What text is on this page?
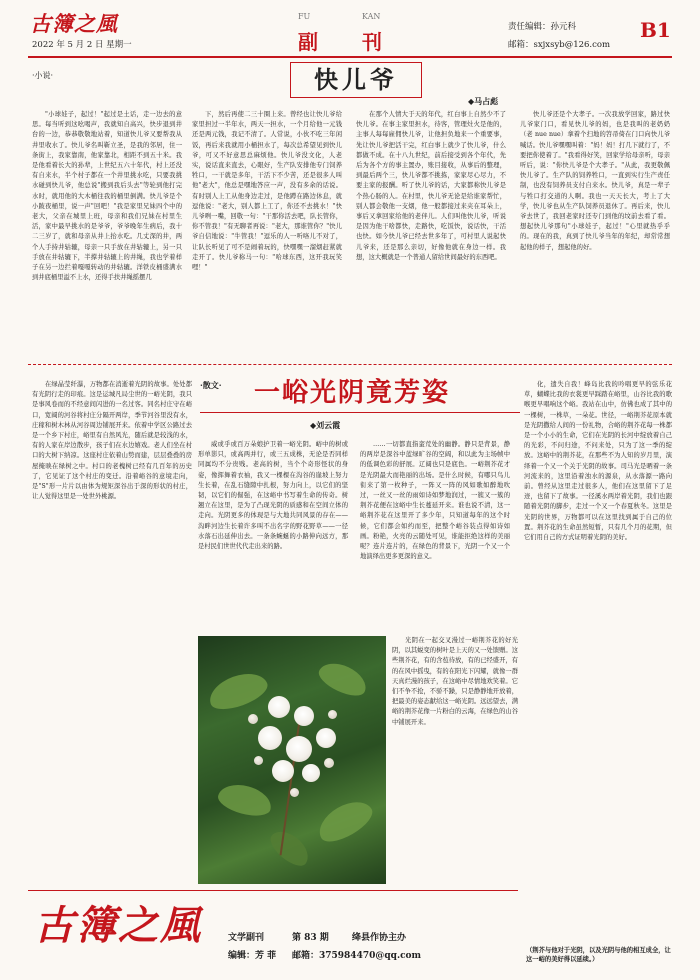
古簿之風
2022 年 5 月 2 日 星期一
FU	KAN
副 刊
责任编辑：孙元科
邮箱：sxjxsyb@126.com
B1
·小说·	快儿爷
◆马占彪
"小球娃子，起过！"起过是土话，走一边去的意思。每当听到这吆喝声，我就知自高兴，快步退到井台的一边，恭恭敬敬地站着，知道快儿爷又要帮我从井里收水了。快儿爷名叫靳立圣，是我的邻居，住一条街上，我家靠南，他家靠北，相距不到五十米。我是他看着长大的孙辈，上世纪五六十年代，村上还没有自来水，半个村子都在一个井里挑水吃，只要我挑水碰到快儿爷，他总说"搬到我后头去"等轮到他打完水时，就用他的大木桶往我的桶里倒满。快儿爷是个小跛夜桶里，说一声"回吧！"我是家里兄妹四个中的老大，父亲在城里上班，母亲和我们兄妹在村里生活，家中最早挑水的是爷爷，爷爷晚年生病后，我十二三岁了，就和母亲从井上抬水吃。几丈深的井，两个人手持井轱辘，母亲一只手放在井轱辘上，另一只手放在井轱辘下，半撑井轱辘上的井绳，我也学着样子在另一边拦着嘎嘎转动的井轱辘。洋铁皮桶盛满水到井底桶里溢不上水，还得手扶井绳摇摆几
下，然后再使二三十圈上来。曾经也让快儿爷给家里担过一半年水，两天一担水，一个月给他一元钱还是两元钱，我记不清了。人常说，小伙不吃三年闲饭，再后来我就用小桶担水了，每次总希望见到快儿爷，可又不好意思总麻烦他。快儿爷没文化，人老实，说话直来直去，心眼好，生产队安排他专门饲养牲口，一干就是多年，干活下不少苦，还是很多人叫他"老大"，他总是嘿地答应一声，没有多余的话说。有时别人上工从他身边走过，是他蹲在路边休息，就逗他说："老大，别人都上工了，你还不去挑水！"快儿爷咧一嘴，回敬一句："干那你活去吧，队长管你，你不管我！"有无聊者再说："老大，那谁管你？"快儿爷自信地说："牛管我！"逗乐的人一听咯儿不对了，让队长听见了可不是闹着玩的，快嘿嘿一溜烟赶紧就走开了。快儿爷称马一句："哈球东西，这开我玩笑哩！"
在那个人情大于天的年代，红白事上自然少不了快儿爷。在事主家里担水，待客，管理灶火是他的，主事人每每雇佣快儿爷，让他担负地来一个重要事，先让快儿爷把活干完，红白事上就少了快儿爷，什么都做不成。在十八九世纪，前后接受到各个年代，先后为各个方的事主置办，账目接收，从事后的整理，到最后两个三，快儿爷都不挑拣，家家尽心尽力，不要主家的报酬。听了快儿爷的话，大家都称快儿爷是个热心肠的人。在村里，快儿爷无论是给谁家帮忙，别人都会敬他一支烟，他一般都接过来夹在耳朵上，事后又拿回家给他的老伴儿。人们叫他快儿爷，听说是因为他干啥都快，走路快，吃饭快，说话快，干活也快。如今快儿爷已经去世多年了，可村里人说起快儿爷来，还是那么亲切，好像他就在身边一样。我想，这大概就是一个普通人留给世间最好的东西吧。
快儿爷还是个大孝子。一次我放学回家，路过快儿爷家门口，看见快儿爷的妈，也是我叫的老奶奶（老 nue nue）拿着个扫地的笤帚倚在门口向快儿爷喊话。快儿爷嘿嘿叫着："妈！妈！打几下就行了，不要把你使着了。"我看得好笑，回家学给母亲听，母亲听后，说："你快儿爷是个大孝子。"从此，我更敬佩快儿爷了。生产队的饲养牲口，一直到实行生产责任制，也没有饲养员支付自来水。快儿爷，真是一辈子与牲口打交道的人啊。我也一天天长大，考上了大学，快儿爷也从生产队饲养员退休了。再后来，快儿爷去世了，我回老家时还专门到他的坟前去看了看。想起快儿爷那句"小球娃子，起过！"心里就热乎乎的。现在的我，真到了快儿爷当年的年纪，却常常想起他的样子，想起他的好。
在绿晶莹纤瀑，万物都在消逝着光阴的故事。处处都有光阴行走的印痕。这是运城凡局尘世的一峪光阴，我只是事风卷而的不经意间闪进的一名过客。同名村庄守在峪口，宽阔的河谷将村庄分隔开两岸，季节河谷里没有水，庄稼和树木林从河谷周边铺展开来。依着中学区公路过去是一个乡下村庄，峪里有自然风光，随后就是较浅的水，有的人家在岸边散步，孩子们在水边嬉戏。老人们坐在村口的大树下纳凉。这座村庄依着山势而建，层层叠叠的房屋掩映在绿树之中。村口的老槐树已经有几百年的历史了，它见证了这个村庄的变迁。沿着峪谷的意境走向，是"S"形一片片以由体为规矩深谷出于深的形状的村庄，让人觉得这里是一处世外桃源。
·散文· 一峪光阴竟芳姿
◆刘云霞
威或乎或百万朵娘护卫着一峪光阴。峪中的树或形单影只，或高两并行，或三五成株，无论是否同样同属均不分贵贱。老高的树，当个个奇形怪状的身姿，像挥舞着衣袖，我又一棵棵在沟谷的崖坡上努力生长着，在乱石缝隙中扎根，努力向上，以它们的坚韧，以它们的倔强，在这峪中书写着生命的传奇。树翘立在这里，是为了凸现光阴的质感和在空间立体的走向。光阴更多的体现是与大地共同风景的存在——沟畔河边生长着许多叫不出名字的野花野草——一径水落石出延伸出去。一条条蜿蜒的小路伸向远方，那是村民们世世代代走出来的路。
……一切都直指蛮荒处的幽静。静只是背景，静的两岸是深谷中蓝绿旷谷的空阔，和以此为主场帧中的低调色彩的舒展。辽阔也只是底色。一峪荆芥花才是光阴最大而艳丽的出场。是什么时候，有哪只鸟儿衔来了第一枚种子，一阵又一阵的风如歌如醉地吹过，一丝又一丝的雨如诗如梦地润过，一簇又一簇的荆芥花便在这峪中生长蔓延开来。谁也说不清，这一峪荆芥花在这里开了多少年，只知道每年的这个时候，它们都会如约而至，把整个峪谷装点得如诗如画。粉艳，火亮的云随处可见，谁能拒绝这样的美丽呢？连片连片的，在绿色的背景下，光阴一个又一个地演绎出更多更深的意义。
化，遗失自我！峰岛比我的吟唱更早的弦乐花草，蝴蝶比我的衣裳更早踩踏在峪里，山谷比我的歌喉更早唱响这个峪。我站在山中，仿佛也成了其中的一棵树，一株草，一朵花。世径，一峪荆芥花原本就是光阴撒给人间的一份礼物，合峪的荆芥花每一株都是一个小小的生命，它们在光阴的长河中绽放着自己的光彩，不问归途，不问来处，只为了这一季的绽放。这峪中的荆芥花，在那些不为人知的岁月里，演绎着一个又一个关于光阴的故事。司马光是晒着一条河流来的，这里沿着浊水的源泉，从水落源一路向前。曾经从这里走过很多人，他们在这里留下了足迹，也留下了故事。一径溪水两岸着光阴，我们也跟随着光阴的脚步，走过一个又一个春夏秋冬。这里是光阴的世界，万物都可以在这里找到属于自己的位置。荆芥花的生命虽然短暂，只有几个月的花期，但它们用自己的方式证明着光阴的美好。
光阴在一起交叉漫过一峪荆芥花的好光阴，以其蜕变的树叶是上天的又一处馈赠。这些荆芥花，有的含苞待放，有的已经盛开，有的在风中摇曳，有的在阳光下闪耀，就像一群天真烂漫的孩子，在这峪中尽情地欢笑着。它们不争不抢，不骄不躁，只是静静地开放着，把最美的姿态献给这一峪光阴。远远望去，满峪的荆芥花像一片粉白的云海，在绿色的山谷中铺展开来。
（荆芥与他对于光阴，以及光阴与他的相互成全，让这一峪的美好得以延续。）
古簿之風	文学副刊	第 83 期	绛县作协主办
编辑：芳 菲 邮箱：375984470@qq.com
